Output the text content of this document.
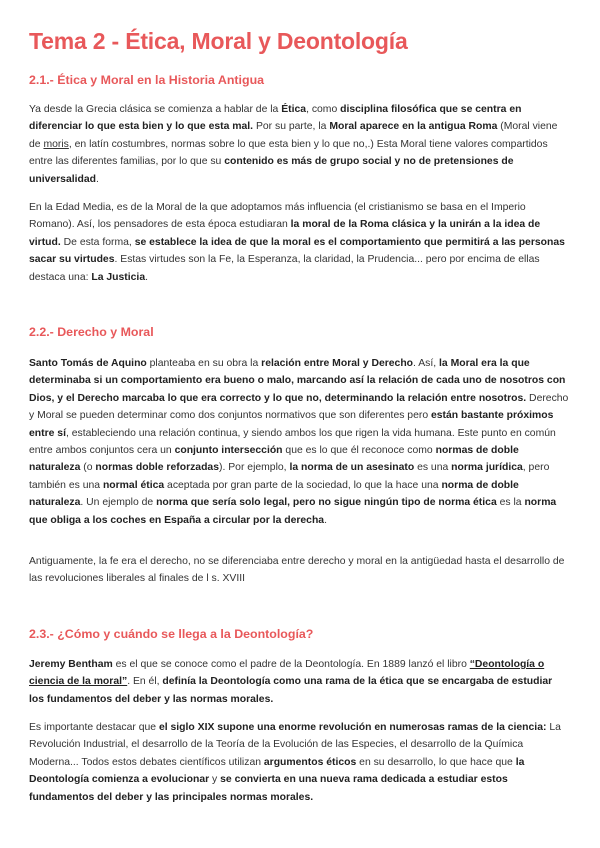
Tema 2 - Ética, Moral y Deontología
2.1.- Ética y Moral en la Historia Antigua

Ya desde la Grecia clásica se comienza a hablar de la Ética, como disciplina filosófica que se centra en diferenciar lo que esta bien y lo que esta mal. Por su parte, la Moral aparece en la antigua Roma (Moral viene de moris, en latín costumbres, normas sobre lo que esta bien y lo que no,.) Esta Moral tiene valores compartidos entre las diferentes familias, por lo que su contenido es más de grupo social y no de pretensiones de universalidad.

En la Edad Media, es de la Moral de la que adoptamos más influencia (el cristianismo se basa en el Imperio Romano). Así, los pensadores de esta época estudiaran la moral de la Roma clásica y la unirán a la idea de virtud. De esta forma, se establece la idea de que la moral es el comportamiento que permitirá a las personas sacar su virtudes. Estas virtudes son la Fe, la Esperanza, la claridad, la Prudencia... pero por encima de ellas destaca una: La Justicia.

2.2.- Derecho y Moral

Santo Tomás de Aquino planteaba en su obra la relación entre Moral y Derecho. Así, la Moral era la que determinaba si un comportamiento era bueno o malo, marcando así la relación de cada uno de nosotros con Dios, y el Derecho marcaba lo que era correcto y lo que no, determinando la relación entre nosotros. Derecho y Moral se pueden determinar como dos conjuntos normativos que son diferentes pero están bastante próximos entre sí, estableciendo una relación continua, y siendo ambos los que rigen la vida humana. Este punto en común entre ambos conjuntos cera un conjunto intersección que es lo que él reconoce como normas de doble naturaleza (o normas doble reforzadas). Por ejemplo, la norma de un asesinato es una norma jurídica, pero también es una normal ética aceptada por gran parte de la sociedad, lo que la hace una norma de doble naturaleza. Un ejemplo de norma que sería solo legal, pero no sigue ningún tipo de norma ética es la norma que obliga a los coches en España a circular por la derecha.

Antiguamente, la fe era el derecho, no se diferenciaba entre derecho y moral en la antigüedad hasta el desarrollo de las revoluciones liberales al finales de l s. XVIII

2.3.- ¿Cómo y cuándo se llega a la Deontología?

Jeremy Bentham es el que se conoce como el padre de la Deontología. En 1889 lanzó el libro “Deontología o ciencia de la moral”. En él, definía la Deontología como una rama de la ética que se encargaba de estudiar los fundamentos del deber y las normas morales.

Es importante destacar que el siglo XIX supone una enorme revolución en numerosas ramas de la ciencia: La Revolución Industrial, el desarrollo de la Teoría de la Evolución de las Especies, el desarrollo de la Química Moderna... Todos estos debates científicos utilizan argumentos éticos en su desarrollo, lo que hace que la Deontología comienza a evolucionar y se convierta en una nueva rama dedicada a estudiar estos fundamentos del deber y las principales normas morales.
